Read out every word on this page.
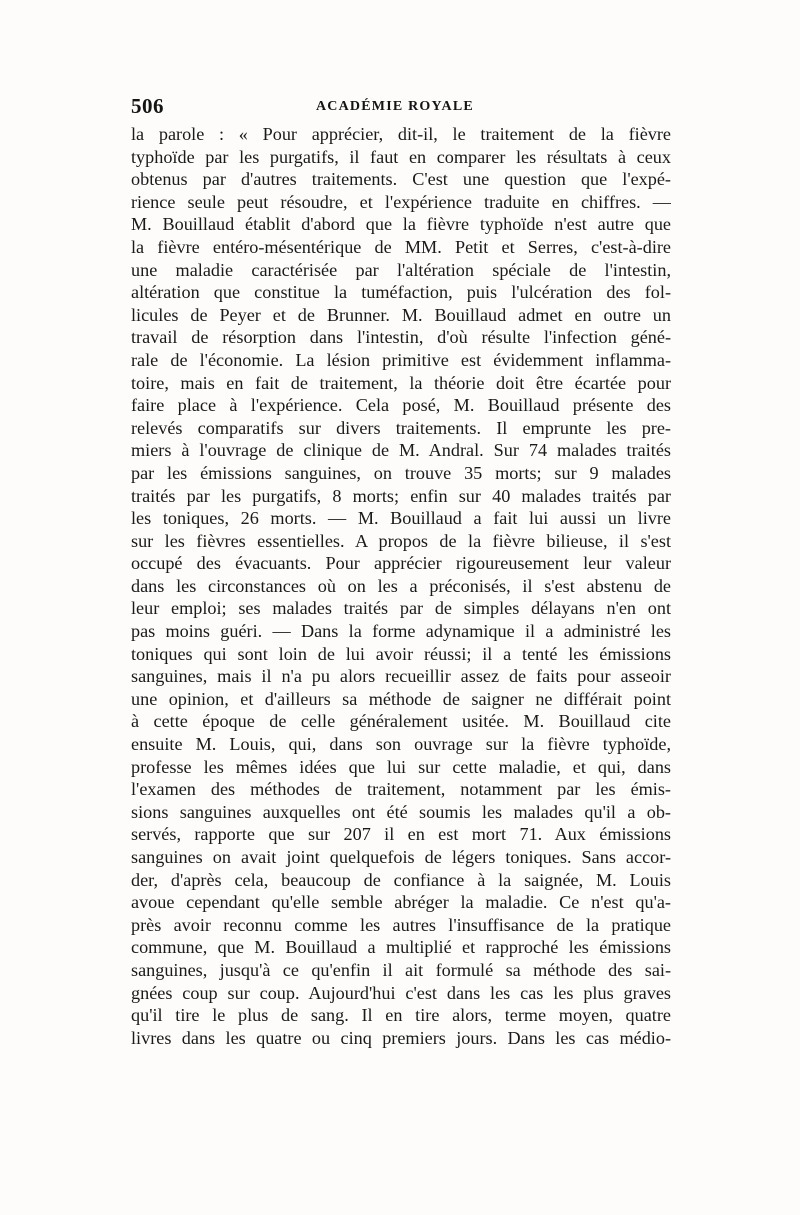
506	ACADÉMIE ROYALE
la parole : « Pour apprécier, dit-il, le traitement de la fièvre
typhoïde par les purgatifs, il faut en comparer les résultats à ceux
obtenus par d'autres traitements. C'est une question que l'expé-
rience seule peut résoudre, et l'expérience traduite en chiffres. —
M. Bouillaud établit d'abord que la fièvre typhoïde n'est autre que
la fièvre entéro-mésentérique de MM. Petit et Serres, c'est-à-dire
une maladie caractérisée par l'altération spéciale de l'intestin,
altération que constitue la tuméfaction, puis l'ulcération des fol-
licules de Peyer et de Brunner. M. Bouillaud admet en outre un
travail de résorption dans l'intestin, d'où résulte l'infection géné-
rale de l'économie. La lésion primitive est évidemment inflamma-
toire, mais en fait de traitement, la théorie doit être écartée pour
faire place à l'expérience. Cela posé, M. Bouillaud présente des
relevés comparatifs sur divers traitements. Il emprunte les pre-
miers à l'ouvrage de clinique de M. Andral. Sur 74 malades traités
par les émissions sanguines, on trouve 35 morts; sur 9 malades
traités par les purgatifs, 8 morts; enfin sur 40 malades traités par
les toniques, 26 morts. — M. Bouillaud a fait lui aussi un livre
sur les fièvres essentielles. A propos de la fièvre bilieuse, il s'est
occupé des évacuants. Pour apprécier rigoureusement leur valeur
dans les circonstances où on les a préconisés, il s'est abstenu de
leur emploi; ses malades traités par de simples délayans n'en ont
pas moins guéri. — Dans la forme adynamique il a administré les
toniques qui sont loin de lui avoir réussi; il a tenté les émissions
sanguines, mais il n'a pu alors recueillir assez de faits pour asseoir
une opinion, et d'ailleurs sa méthode de saigner ne différait point
à cette époque de celle généralement usitée. M. Bouillaud cite
ensuite M. Louis, qui, dans son ouvrage sur la fièvre typhoïde,
professe les mêmes idées que lui sur cette maladie, et qui, dans
l'examen des méthodes de traitement, notamment par les émis-
sions sanguines auxquelles ont été soumis les malades qu'il a ob-
servés, rapporte que sur 207 il en est mort 71. Aux émissions
sanguines on avait joint quelquefois de légers toniques. Sans accor-
der, d'après cela, beaucoup de confiance à la saignée, M. Louis
avoue cependant qu'elle semble abréger la maladie. Ce n'est qu'a-
près avoir reconnu comme les autres l'insuffisance de la pratique
commune, que M. Bouillaud a multiplié et rapproché les émissions
sanguines, jusqu'à ce qu'enfin il ait formulé sa méthode des sai-
gnées coup sur coup. Aujourd'hui c'est dans les cas les plus graves
qu'il tire le plus de sang. Il en tire alors, terme moyen, quatre
livres dans les quatre ou cinq premiers jours. Dans les cas médio-
